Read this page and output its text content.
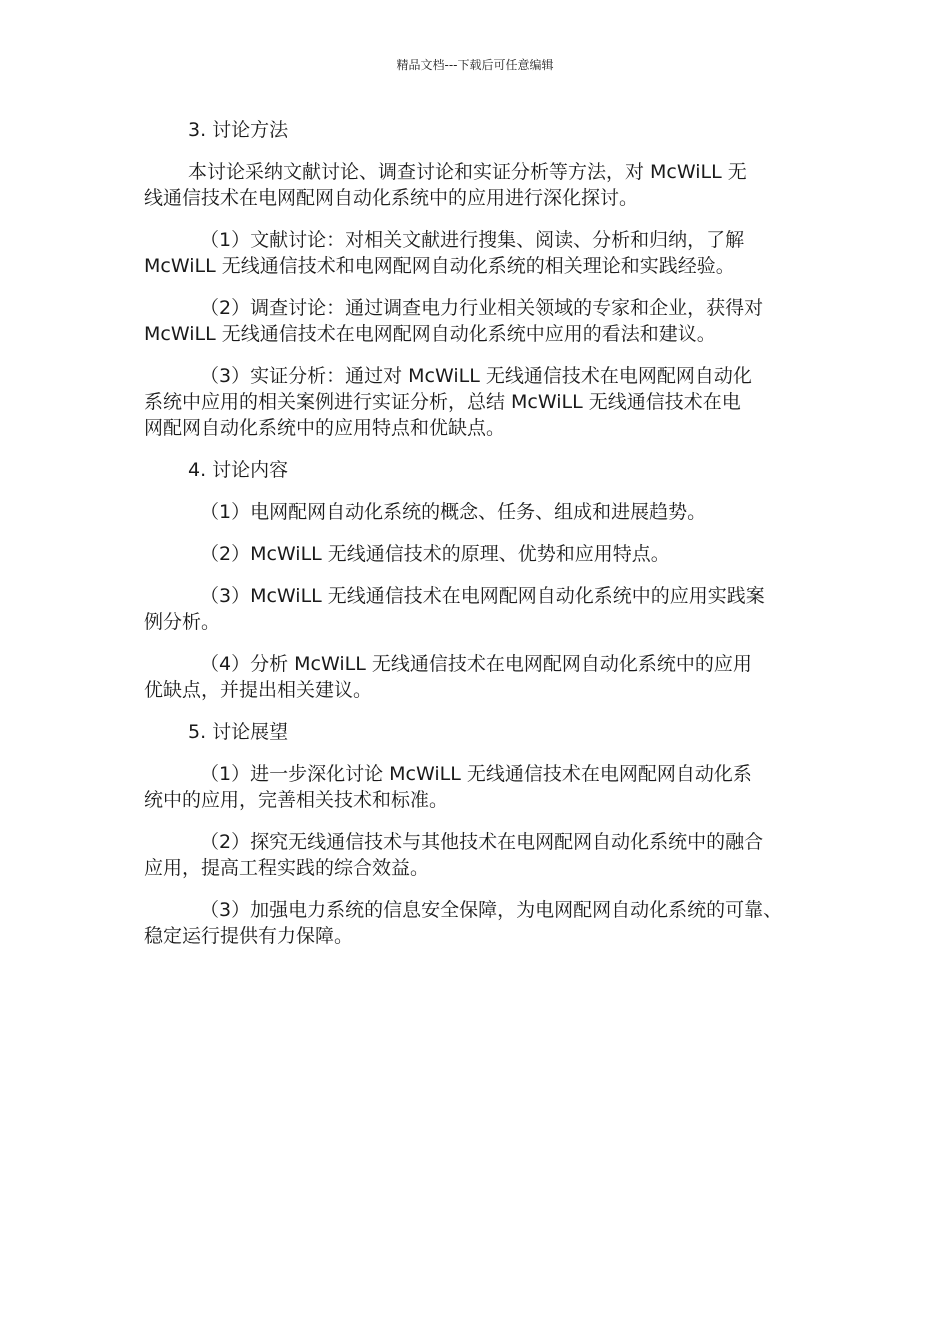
精品文档---下载后可任意编辑
3. 讨论方法
本讨论采纳文献讨论、调查讨论和实证分析等方法，对 McWiLL 无
线通信技术在电网配网自动化系统中的应用进行深化探讨。
（1）文献讨论：对相关文献进行搜集、阅读、分析和归纳，了解
McWiLL 无线通信技术和电网配网自动化系统的相关理论和实践经验。
（2）调查讨论：通过调查电力行业相关领域的专家和企业，获得对
McWiLL 无线通信技术在电网配网自动化系统中应用的看法和建议。
（3）实证分析：通过对 McWiLL 无线通信技术在电网配网自动化
系统中应用的相关案例进行实证分析，总结 McWiLL 无线通信技术在电
网配网自动化系统中的应用特点和优缺点。
4. 讨论内容
（1）电网配网自动化系统的概念、任务、组成和进展趋势。
（2）McWiLL 无线通信技术的原理、优势和应用特点。
（3）McWiLL 无线通信技术在电网配网自动化系统中的应用实践案
例分析。
（4）分析 McWiLL 无线通信技术在电网配网自动化系统中的应用
优缺点，并提出相关建议。
5. 讨论展望
（1）进一步深化讨论 McWiLL 无线通信技术在电网配网自动化系
统中的应用，完善相关技术和标准。
（2）探究无线通信技术与其他技术在电网配网自动化系统中的融合
应用，提高工程实践的综合效益。
（3）加强电力系统的信息安全保障，为电网配网自动化系统的可靠、
稳定运行提供有力保障。
